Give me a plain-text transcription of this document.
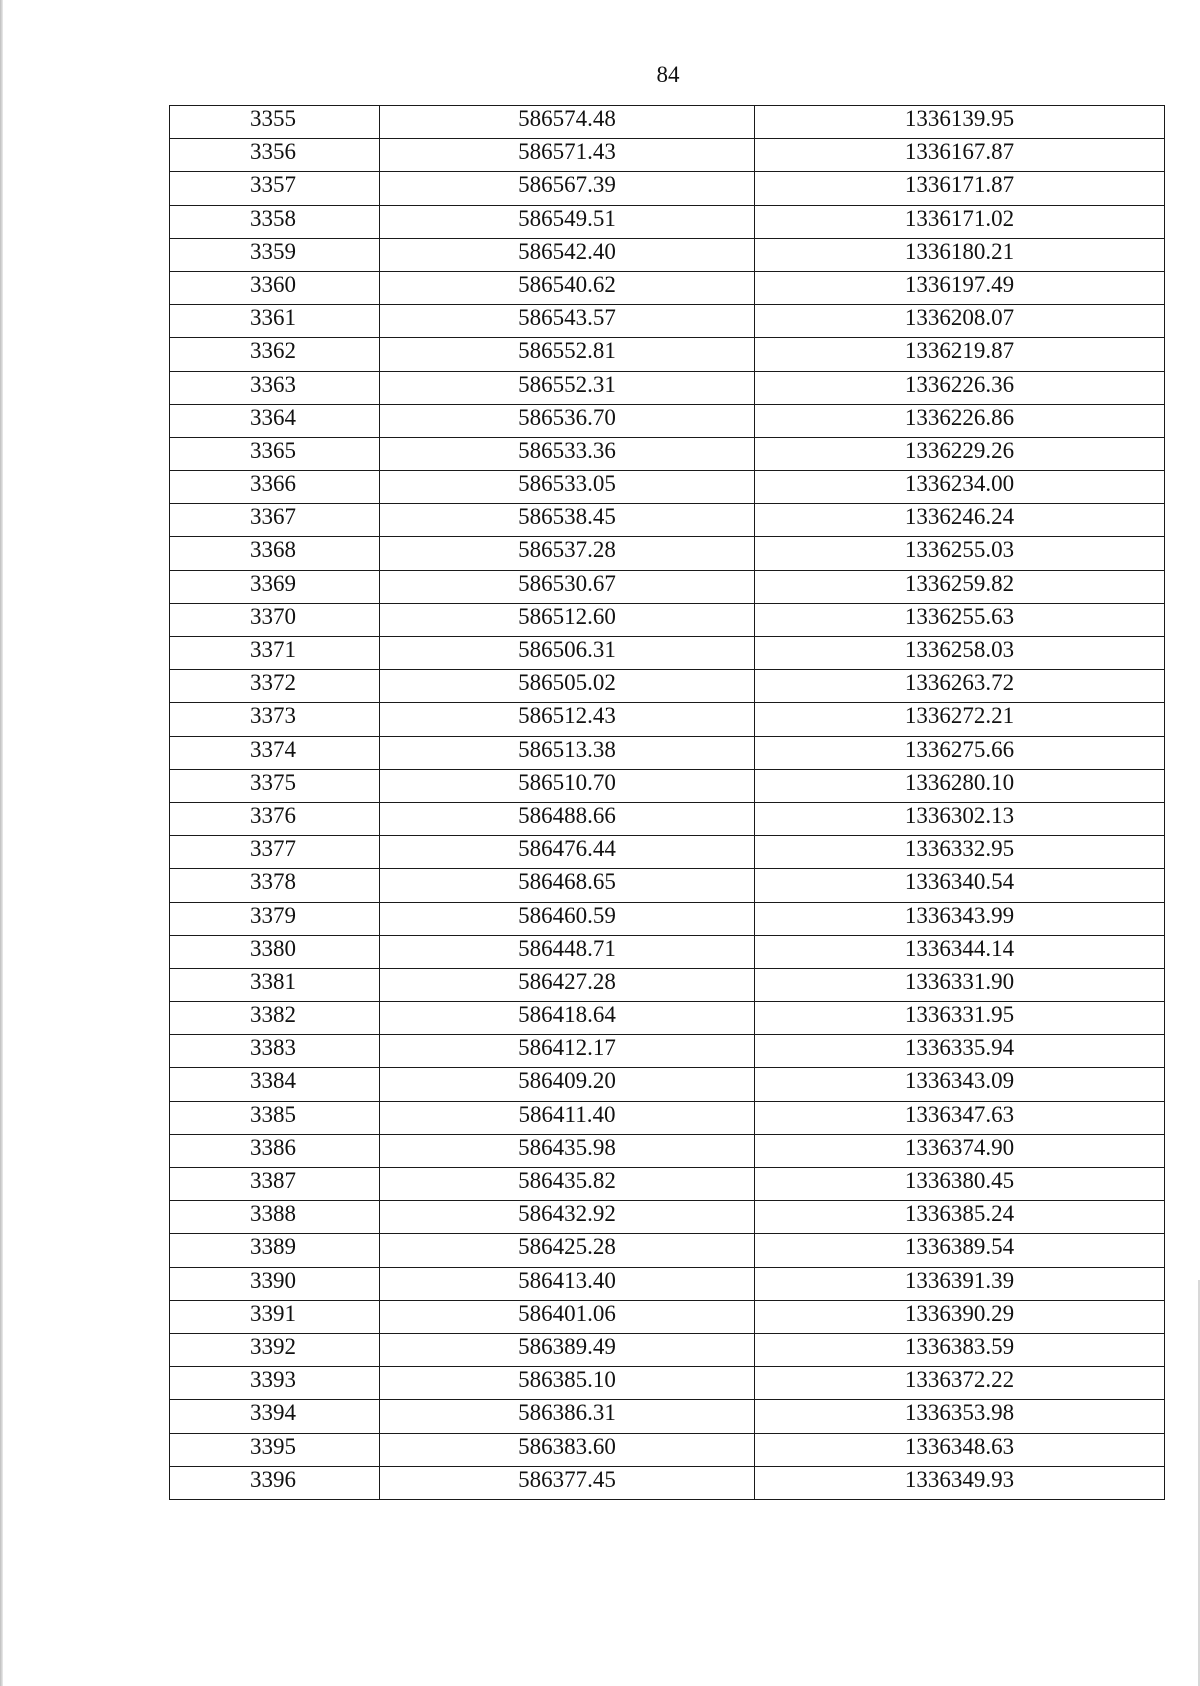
84
3355	586574.48	1336139.95
3356	586571.43	1336167.87
3357	586567.39	1336171.87
3358	586549.51	1336171.02
3359	586542.40	1336180.21
3360	586540.62	1336197.49
3361	586543.57	1336208.07
3362	586552.81	1336219.87
3363	586552.31	1336226.36
3364	586536.70	1336226.86
3365	586533.36	1336229.26
3366	586533.05	1336234.00
3367	586538.45	1336246.24
3368	586537.28	1336255.03
3369	586530.67	1336259.82
3370	586512.60	1336255.63
3371	586506.31	1336258.03
3372	586505.02	1336263.72
3373	586512.43	1336272.21
3374	586513.38	1336275.66
3375	586510.70	1336280.10
3376	586488.66	1336302.13
3377	586476.44	1336332.95
3378	586468.65	1336340.54
3379	586460.59	1336343.99
3380	586448.71	1336344.14
3381	586427.28	1336331.90
3382	586418.64	1336331.95
3383	586412.17	1336335.94
3384	586409.20	1336343.09
3385	586411.40	1336347.63
3386	586435.98	1336374.90
3387	586435.82	1336380.45
3388	586432.92	1336385.24
3389	586425.28	1336389.54
3390	586413.40	1336391.39
3391	586401.06	1336390.29
3392	586389.49	1336383.59
3393	586385.10	1336372.22
3394	586386.31	1336353.98
3395	586383.60	1336348.63
3396	586377.45	1336349.93
